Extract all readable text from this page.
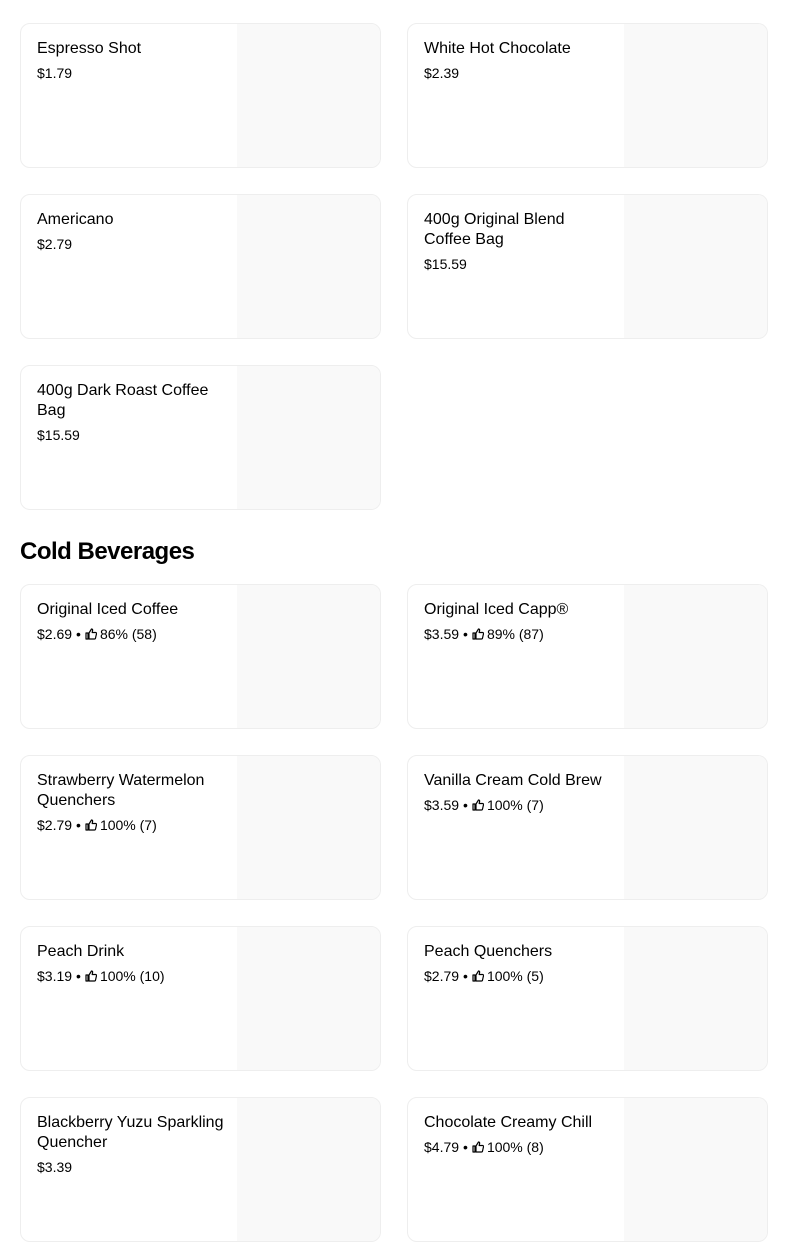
Espresso Shot
$1.79
White Hot Chocolate
$2.39
Americano
$2.79
400g Original Blend Coffee Bag
$15.59
400g Dark Roast Coffee Bag
$15.59
Cold Beverages
Original Iced Coffee
$2.69 • 86% (58)
Original Iced Capp®
$3.59 • 89% (87)
Strawberry Watermelon Quenchers
$2.79 • 100% (7)
Vanilla Cream Cold Brew
$3.59 • 100% (7)
Peach Drink
$3.19 • 100% (10)
Peach Quenchers
$2.79 • 100% (5)
Blackberry Yuzu Sparkling Quencher
$3.39
Chocolate Creamy Chill
$4.79 • 100% (8)
